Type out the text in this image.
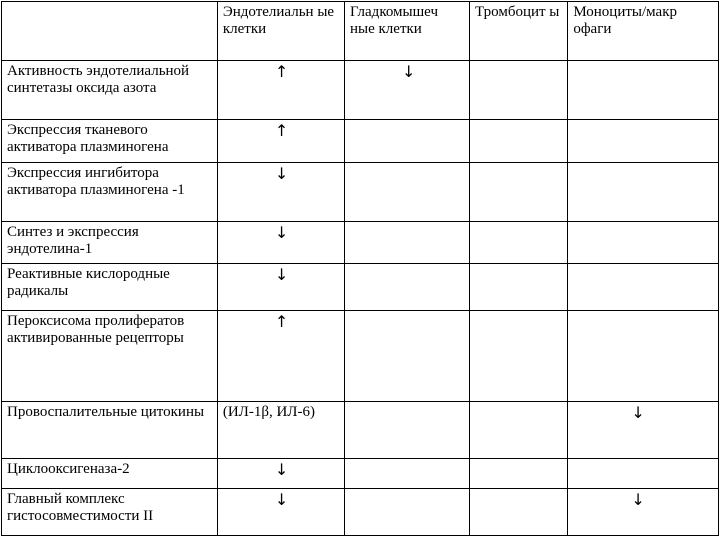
	Эндотелиальн ые клетки	Гладкомышеч ные клетки	Тромбоцит ы	Моноциты/макр офаги
Активность эндотелиальной синтетазы оксида азота	↑	↓		
Экспрессия тканевого активатора плазминогена	↑			
Экспрессия ингибитора активатора плазминогена -1	↓			
Синтез и экспрессия эндотелина-1	↓			
Реактивные кислородные радикалы	↓			
Пероксисома пролифератов активированные рецепторы	↑			
Провоспалительные цитокины	(ИЛ-1β, ИЛ-6)			↓
Циклооксигеназа-2	↓			
Главный комплекс гистосовместимости II	↓			↓
